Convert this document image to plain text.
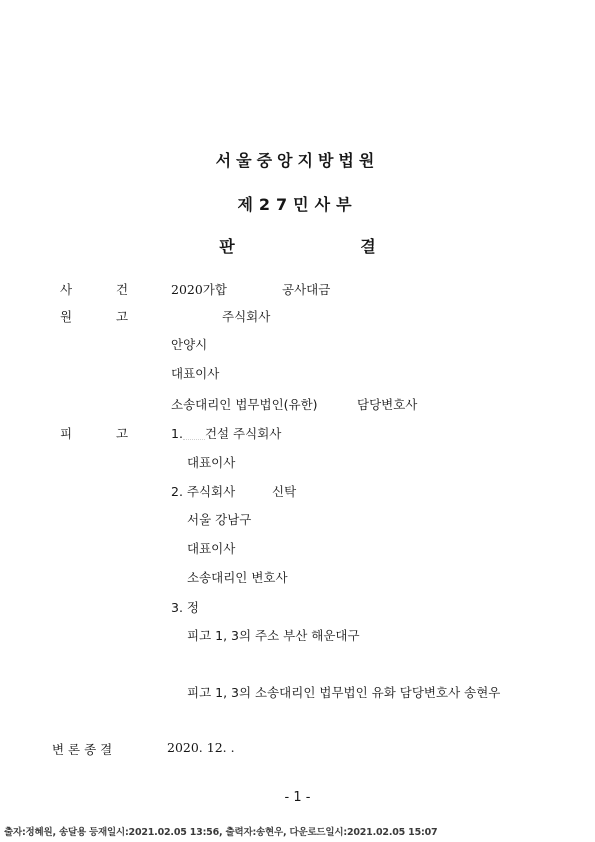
서울중앙지방법원
제27민사부
판 결
사	건	2020가합	공사대금
원	고	주식회사
안양시
대표이사
소송대리인 법무법인(유한)	담당변호사
피	고	1. 건설 주식회사
대표이사
2. 주식회사	신탁
서울 강남구
대표이사
소송대리인 변호사
3. 정
피고 1, 3의 주소 부산 해운대구
피고 1, 3의 소송대리인 법무법인 유화 담당변호사 송현우
변 론 종 결	2020. 12. .
- 1 -
출자:정혜원, 송달용 등재일시:2021.02.05 13:56, 출력자:송현우, 다운로드일시:2021.02.05 15:07
